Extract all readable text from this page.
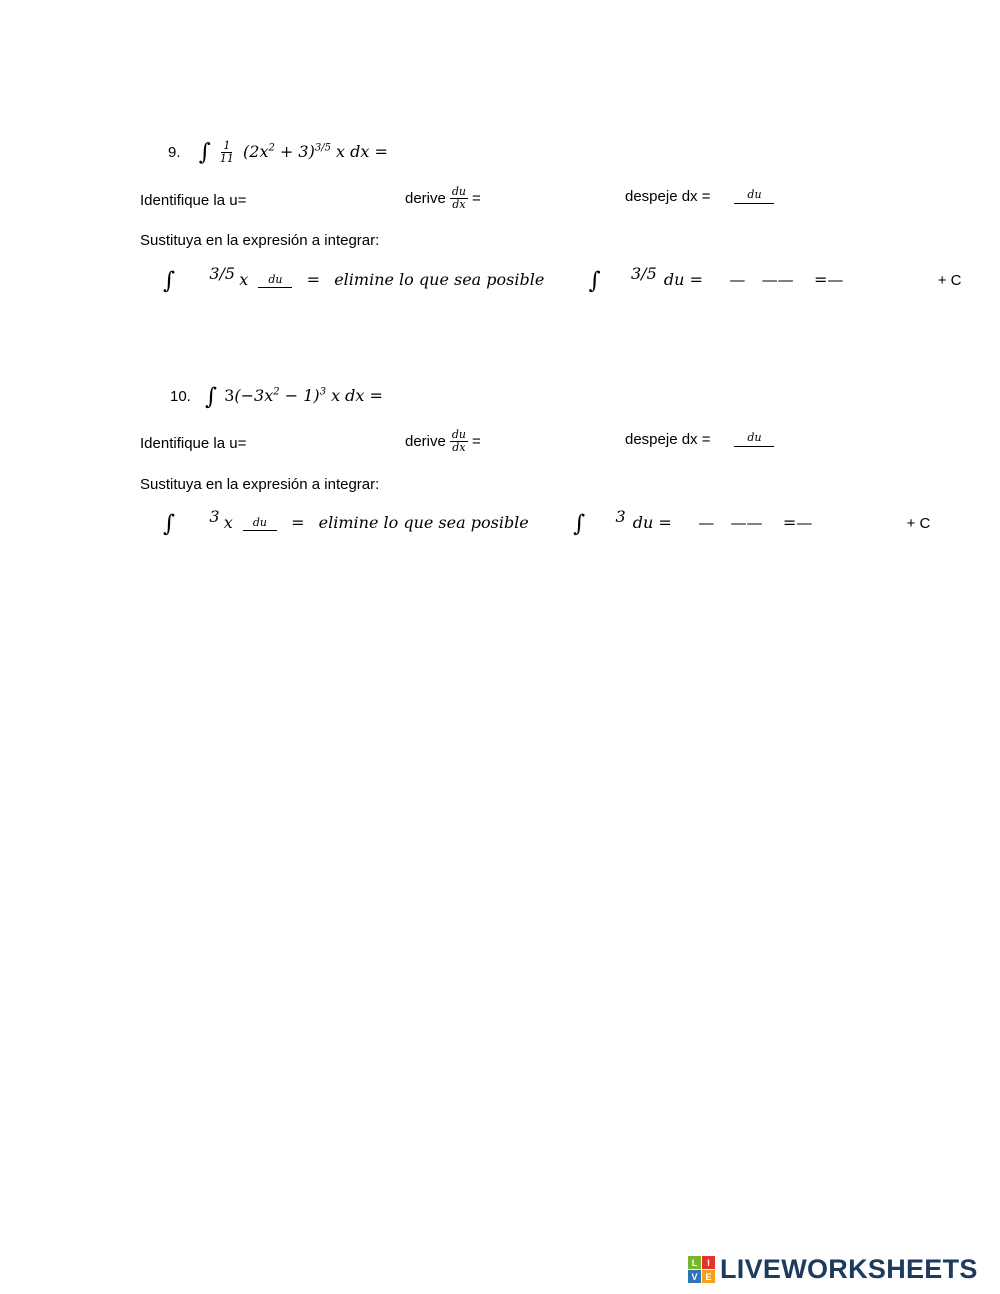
9. ∫ $\frac{1}{11} (2x^2 + 3)^{3/5}$ x dx =
Identifique la u=	derive $\frac{du}{dx}$ =	despeje dx =	du
Sustituya en la expresión a integrar:
∫ $^{3/5}$ x du = elimine lo que sea posible ∫ $^{3/5}$ du = — —— =—	+ C
10. ∫ $3(-3x^2 - 1)^3$ x dx =
Identifique la u=	derive $\frac{du}{dx}$ =	despeje dx =	du
Sustituya en la expresión a integrar:
∫ $^3$ x du = elimine lo que sea posible ∫ $^3$ du = — —— =—	+ C
L	I
V E LIVEWORKSHEETS
